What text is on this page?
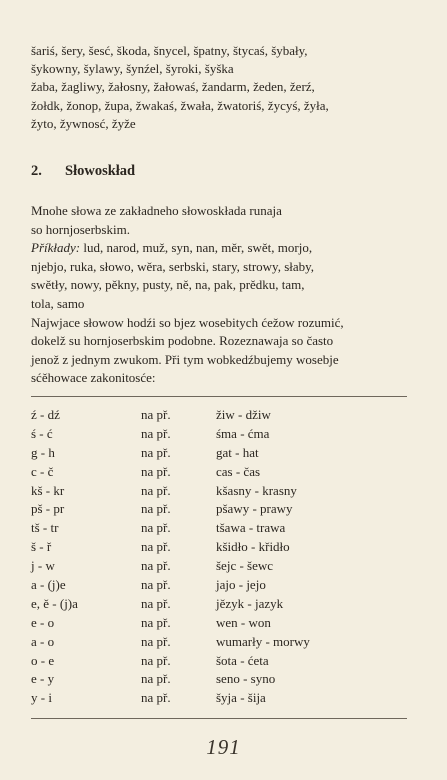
šariś, šery, šesć, škoda, šnycel, špatny, štycaś, šybały,

šykowny, šylawy, šynźel, šyroki, šyška

žaba, žagliwy, žałosny, žałowaś, žandarm, žeden, žerź,

žołdk, žonop, župa, žwakaś, žwała, žwatoriś, žycyś, žyła,

žyto, žywnosć, žyže

2. Słowoskład

Mnohe słowa ze zakładneho słowoskłada runaja

so hornjoserbskim.

Příkłady: lud, narod, muž, syn, nan, měr, swět, morjo,

njebjo, ruka, słowo, wěra, serbski, stary, strowy, słaby,

swětły, nowy, pěkny, pusty, ně, na, pak, prědku, tam,

tola, samo

Najwjace słowow hodźi so bjez wosebitych ćežow rozumić,

dokelž su hornjoserbskim podobne. Rozeznawaja so často

jenož z jednym zwukom. Při tym wobkedźbujemy wosebje

sćěhowace zakonitosće:

ź - dź	na př.	žiw - džiw
ś - ć	na př.	śma - ćma
g - h	na př.	gat - hat
c - č	na př.	cas - čas
kš - kr	na př.	kšasny - krasny
pš - pr	na př.	pšawy - prawy
tš - tr	na př.	tšawa - trawa
š - ř	na př.	kšidło - křidło
j - w	na př.	šejc - šewc
a - (j)e	na př.	jajo - jejo
e, ě - (j)a	na př.	jězyk - jazyk
e - o	na př.	wen - won
a - o	na př.	wumarły - morwy
o - e	na př.	šota - ćeta
e - y	na př.	seno - syno
y - i	na př.	šyja - šija
191
